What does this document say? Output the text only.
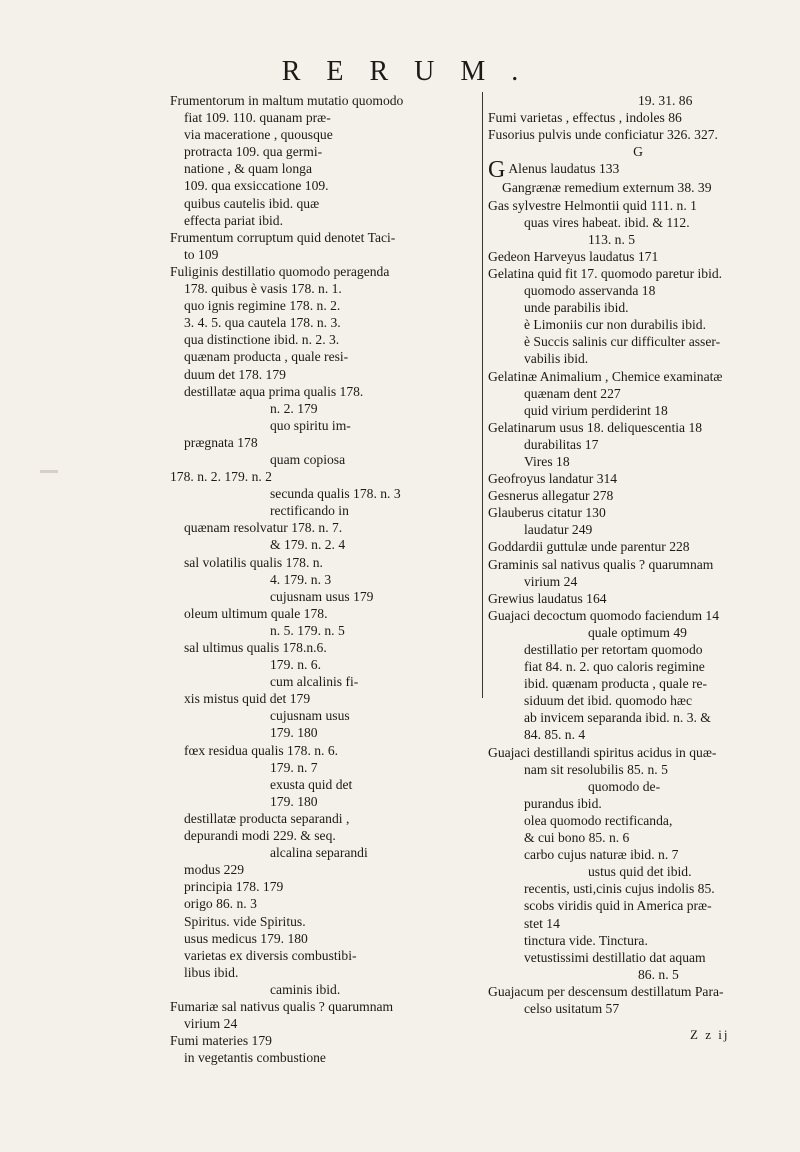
RERUM.
Frumentorum in maltum mutatio quomodo
fiat 109. 110. quanam præ-
via maceratione , quousque
protracta 109. qua germi-
natione , & quam longa
109. qua exsiccatione 109.
quibus cautelis ibid. quæ
effecta pariat ibid.
Frumentum corruptum quid denotet Taci-
to 109
Fuliginis destillatio quomodo peragenda
178. quibus è vasis 178. n. 1.
quo ignis regimine 178. n. 2.
3. 4. 5. qua cautela 178. n. 3.
qua distinctione ibid. n. 2. 3.
quænam producta , quale resi-
duum det 178. 179
destillatæ aqua prima qualis 178.
n. 2. 179
quo spiritu im-
prægnata 178
quam copiosa
178. n. 2. 179. n. 2
secunda qualis 178. n. 3
rectificando in
quænam resolvatur 178. n. 7.
& 179. n. 2. 4
sal volatilis qualis 178. n.
4. 179. n. 3
cujusnam usus 179
oleum ultimum quale 178.
n. 5. 179. n. 5
sal ultimus qualis 178.n.6.
179. n. 6.
cum alcalinis fi-
xis mistus quid det 179
cujusnam usus
179. 180
fœx residua qualis 178. n. 6.
179. n. 7
exusta quid det
179. 180
destillatæ producta separandi ,
depurandi modi 229. & seq.
alcalina separandi
modus 229
principia 178. 179
origo 86. n. 3
Spiritus. vide Spiritus.
usus medicus 179. 180
varietas ex diversis combustibi-
libus ibid.
caminis ibid.
Fumariæ sal nativus qualis ? quarumnam
virium 24
Fumi materies 179
in vegetantis combustione
19. 31. 86
Fumi varietas , effectus , indoles 86
Fusorius pulvis unde conficiatur 326. 327.
G
G Alenus laudatus 133
Gangrænæ remedium externum 38. 39
Gas sylvestre Helmontii quid 111. n. 1
quas vires habeat. ibid. & 112.
113. n. 5
Gedeon Harveyus laudatus 171
Gelatina quid fit 17. quomodo paretur ibid.
quomodo asservanda 18
unde parabilis ibid.
è Limoniis cur non durabilis ibid.
è Succis salinis cur difficulter asser-
vabilis ibid.
Gelatinæ Animalium , Chemice examinatæ
quænam dent 227
quid virium perdiderint 18
Gelatinarum usus 18. deliquescentia 18
durabilitas 17
Vires 18
Geofroyus landatur 314
Gesnerus allegatur 278
Glauberus citatur 130
laudatur 249
Goddardii guttulæ unde parentur 228
Graminis sal nativus qualis ? quarumnam
virium 24
Grewius laudatus 164
Guajaci decoctum quomodo faciendum 14
quale optimum 49
destillatio per retortam quomodo
fiat 84. n. 2. quo caloris regimine
ibid. quænam producta , quale re-
siduum det ibid. quomodo hæc
ab invicem separanda ibid. n. 3. &
84. 85. n. 4
Guajaci destillandi spiritus acidus in quæ-
nam sit resolubilis 85. n. 5
quomodo de-
purandus ibid.
olea quomodo rectificanda,
& cui bono 85. n. 6
carbo cujus naturæ ibid. n. 7
ustus quid det ibid.
recentis, usti,cinis cujus indolis 85.
scobs viridis quid in America præ-
stet 14
tinctura vide. Tinctura.
vetustissimi destillatio dat aquam
86. n. 5
Guajacum per descensum destillatum Para-
celso usitatum 57
Z z ij
